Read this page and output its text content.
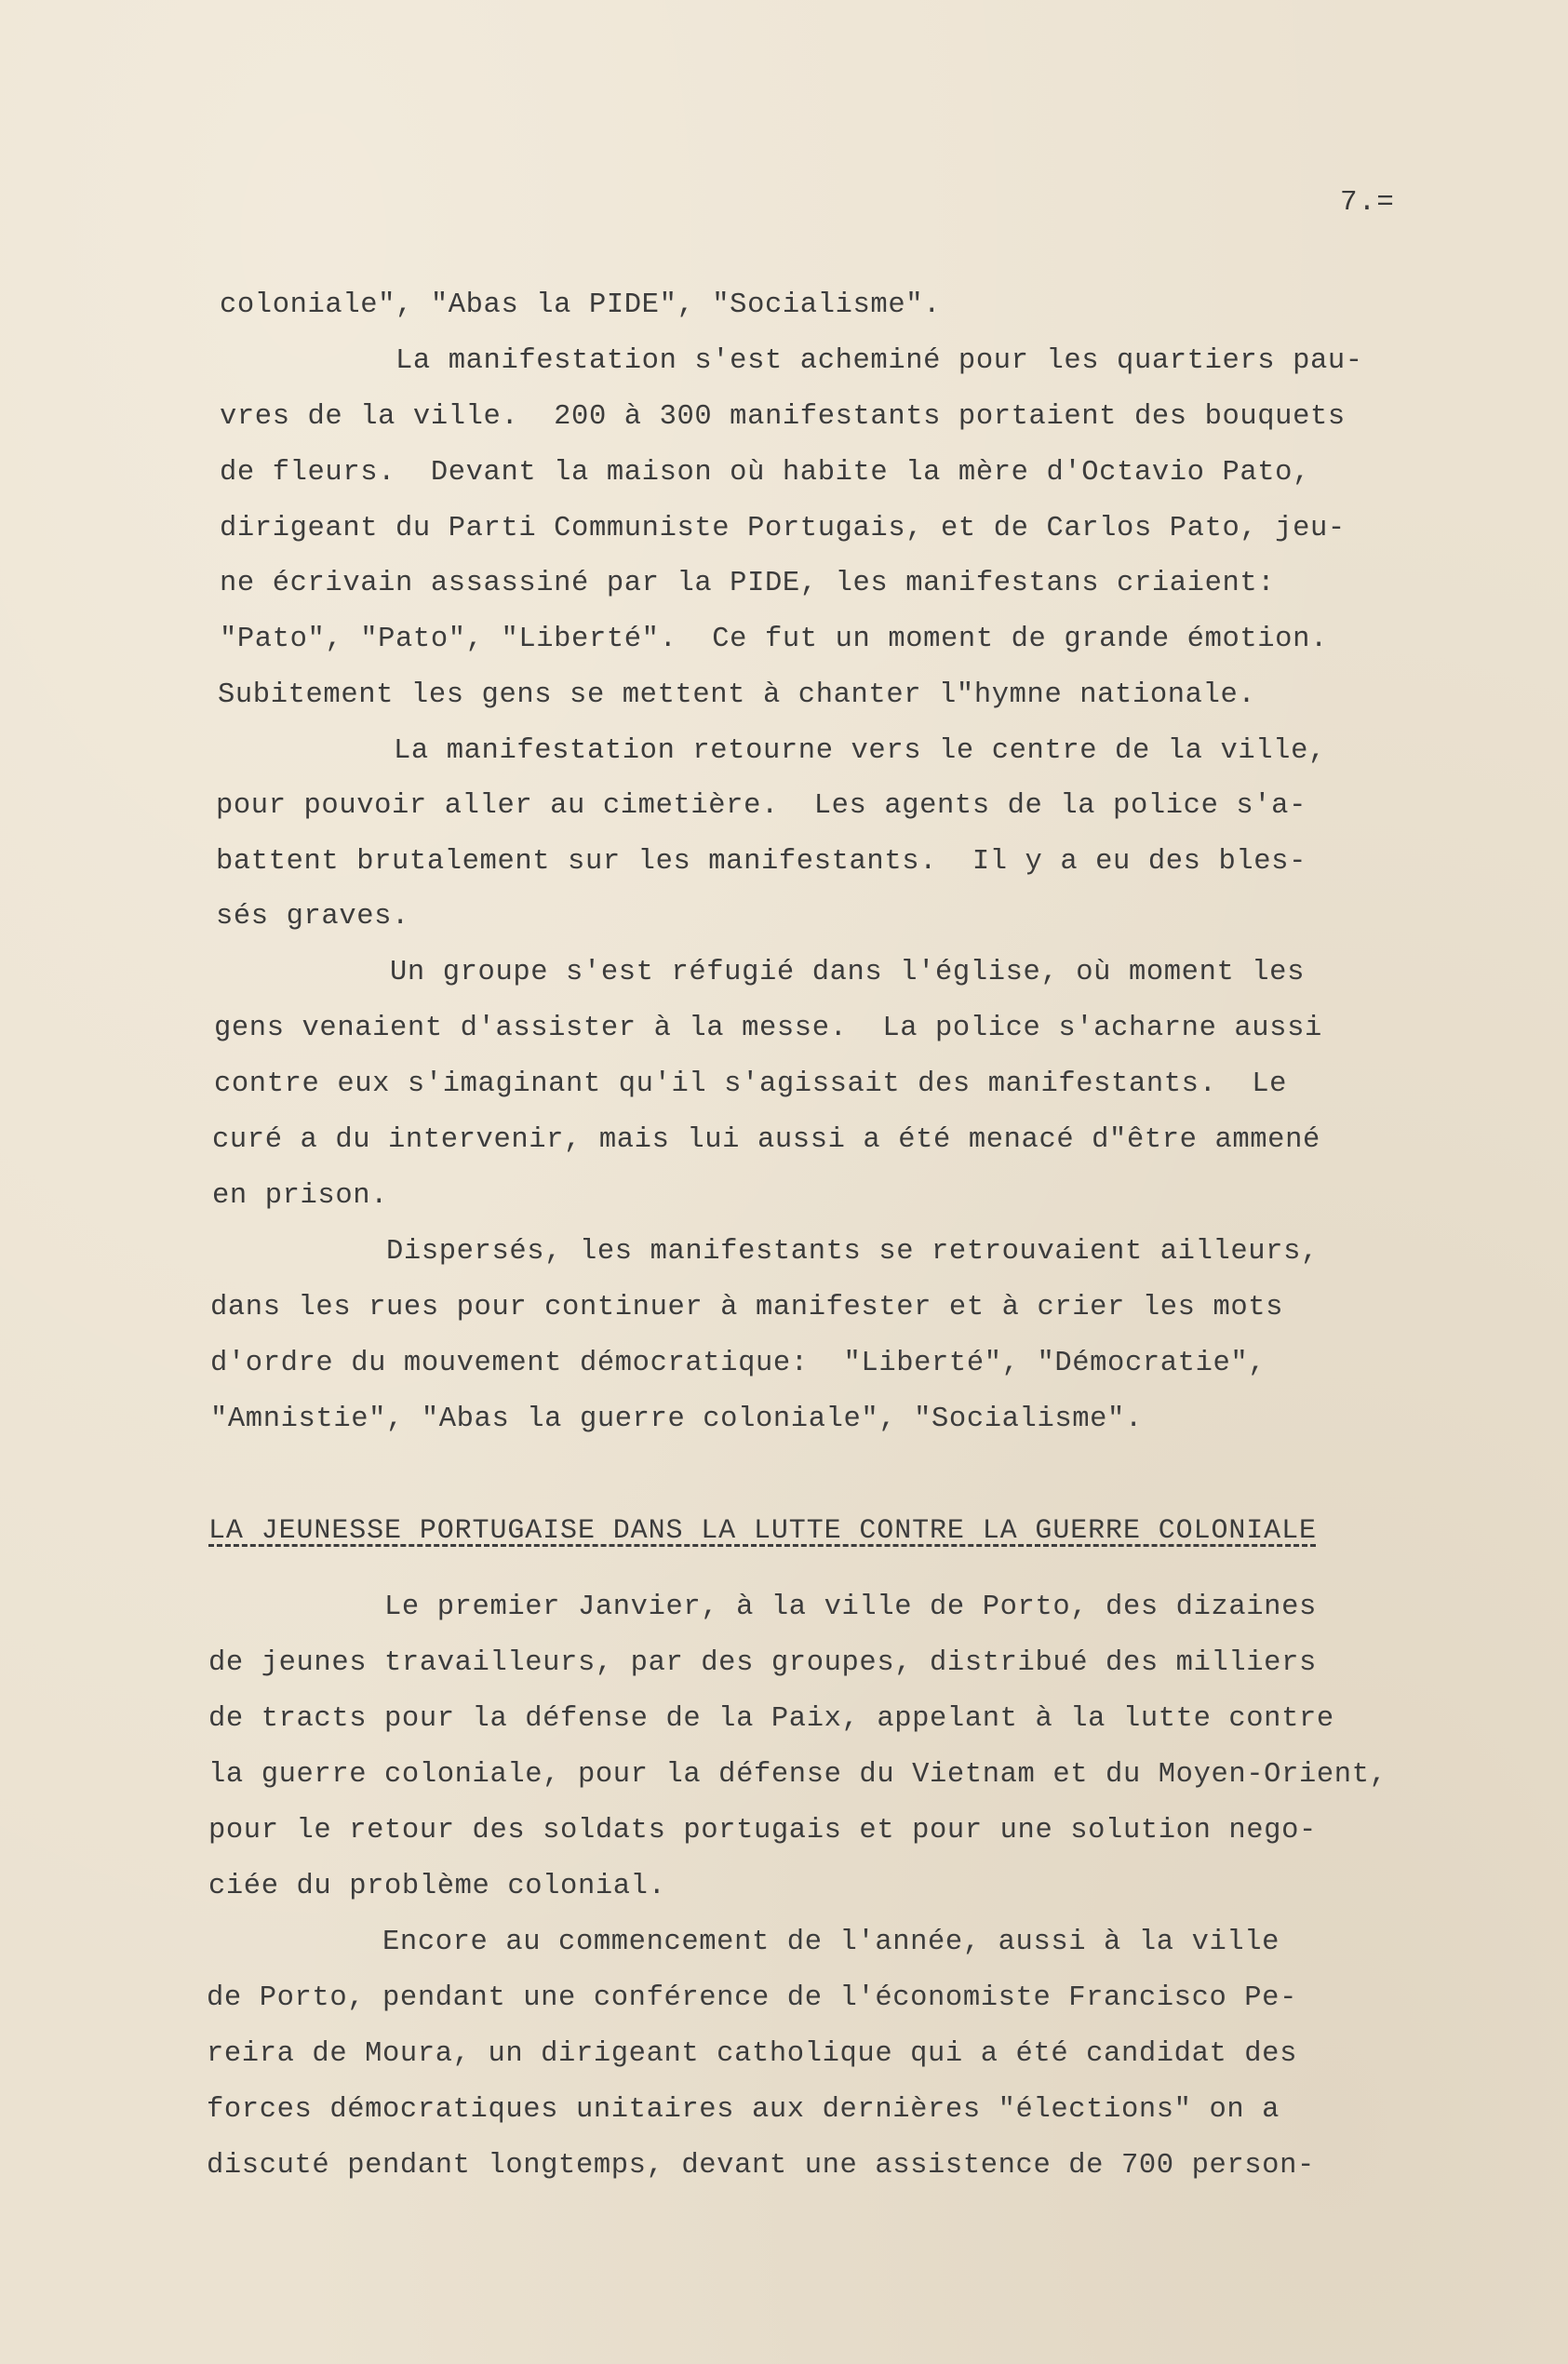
7.=
coloniale", "Abas la PIDE", "Socialisme".
La manifestation s'est acheminé pour les quartiers pau-
vres de la ville.  200 à 300 manifestants portaient des bouquets
de fleurs.  Devant la maison où habite la mère d'Octavio Pato,
dirigeant du Parti Communiste Portugais, et de Carlos Pato, jeu-
ne écrivain assassiné par la PIDE, les manifestans criaient:
"Pato", "Pato", "Liberté".  Ce fut un moment de grande émotion.
Subitement les gens se mettent à chanter l"hymne nationale.
La manifestation retourne vers le centre de la ville,
pour pouvoir aller au cimetière.  Les agents de la police s'a-
battent brutalement sur les manifestants.  Il y a eu des bles-
sés graves.
Un groupe s'est réfugié dans l'église, où moment les
gens venaient d'assister à la messe.  La police s'acharne aussi
contre eux s'imaginant qu'il s'agissait des manifestants.  Le
curé a du intervenir, mais lui aussi a été menacé d"être ammené
en prison.
Dispersés, les manifestants se retrouvaient ailleurs,
dans les rues pour continuer à manifester et à crier les mots
d'ordre du mouvement démocratique:  "Liberté", "Démocratie",
"Amnistie", "Abas la guerre coloniale", "Socialisme".
LA JEUNESSE PORTUGAISE DANS LA LUTTE CONTRE LA GUERRE COLONIALE
Le premier Janvier, à la ville de Porto, des dizaines
de jeunes travailleurs, par des groupes, distribué des milliers
de tracts pour la défense de la Paix, appelant à la lutte contre
la guerre coloniale, pour la défense du Vietnam et du Moyen-Orient,
pour le retour des soldats portugais et pour une solution nego-
ciée du problème colonial.
Encore au commencement de l'année, aussi à la ville
de Porto, pendant une conférence de l'économiste Francisco Pe-
reira de Moura, un dirigeant catholique qui a été candidat des
forces démocratiques unitaires aux dernières "élections" on a
discuté pendant longtemps, devant une assistence de 700 person-
